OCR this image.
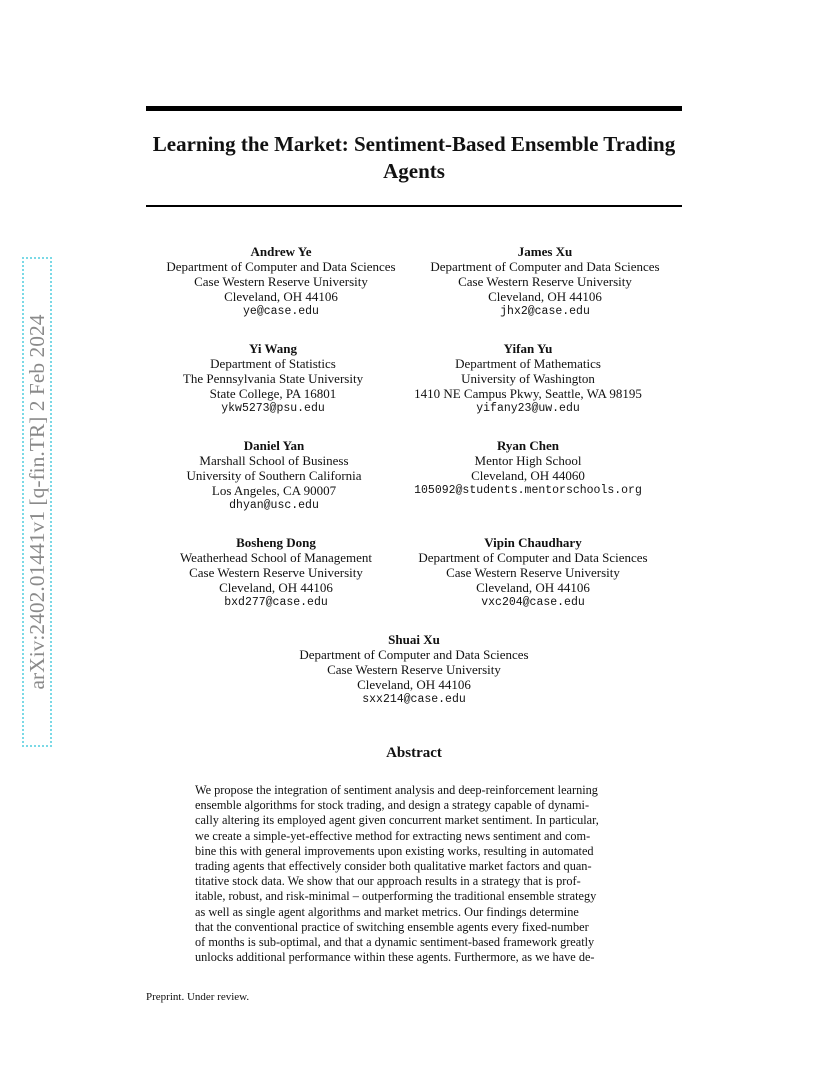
arXiv:2402.01441v1 [q-fin.TR] 2 Feb 2024
Learning the Market: Sentiment-Based Ensemble Trading Agents
Andrew Ye
Department of Computer and Data Sciences
Case Western Reserve University
Cleveland, OH 44106
ye@case.edu
James Xu
Department of Computer and Data Sciences
Case Western Reserve University
Cleveland, OH 44106
jhx2@case.edu
Yi Wang
Department of Statistics
The Pennsylvania State University
State College, PA 16801
ykw5273@psu.edu
Yifan Yu
Department of Mathematics
University of Washington
1410 NE Campus Pkwy, Seattle, WA 98195
yifany23@uw.edu
Daniel Yan
Marshall School of Business
University of Southern California
Los Angeles, CA 90007
dhyan@usc.edu
Ryan Chen
Mentor High School
Cleveland, OH 44060
105092@students.mentorschools.org
Bosheng Dong
Weatherhead School of Management
Case Western Reserve University
Cleveland, OH 44106
bxd277@case.edu
Vipin Chaudhary
Department of Computer and Data Sciences
Case Western Reserve University
Cleveland, OH 44106
vxc204@case.edu
Shuai Xu
Department of Computer and Data Sciences
Case Western Reserve University
Cleveland, OH 44106
sxx214@case.edu
Abstract
We propose the integration of sentiment analysis and deep-reinforcement learning
ensemble algorithms for stock trading, and design a strategy capable of dynami-
cally altering its employed agent given concurrent market sentiment. In particular,
we create a simple-yet-effective method for extracting news sentiment and com-
bine this with general improvements upon existing works, resulting in automated
trading agents that effectively consider both qualitative market factors and quan-
titative stock data. We show that our approach results in a strategy that is prof-
itable, robust, and risk-minimal – outperforming the traditional ensemble strategy
as well as single agent algorithms and market metrics. Our findings determine
that the conventional practice of switching ensemble agents every fixed-number
of months is sub-optimal, and that a dynamic sentiment-based framework greatly
unlocks additional performance within these agents. Furthermore, as we have de-
Preprint. Under review.
